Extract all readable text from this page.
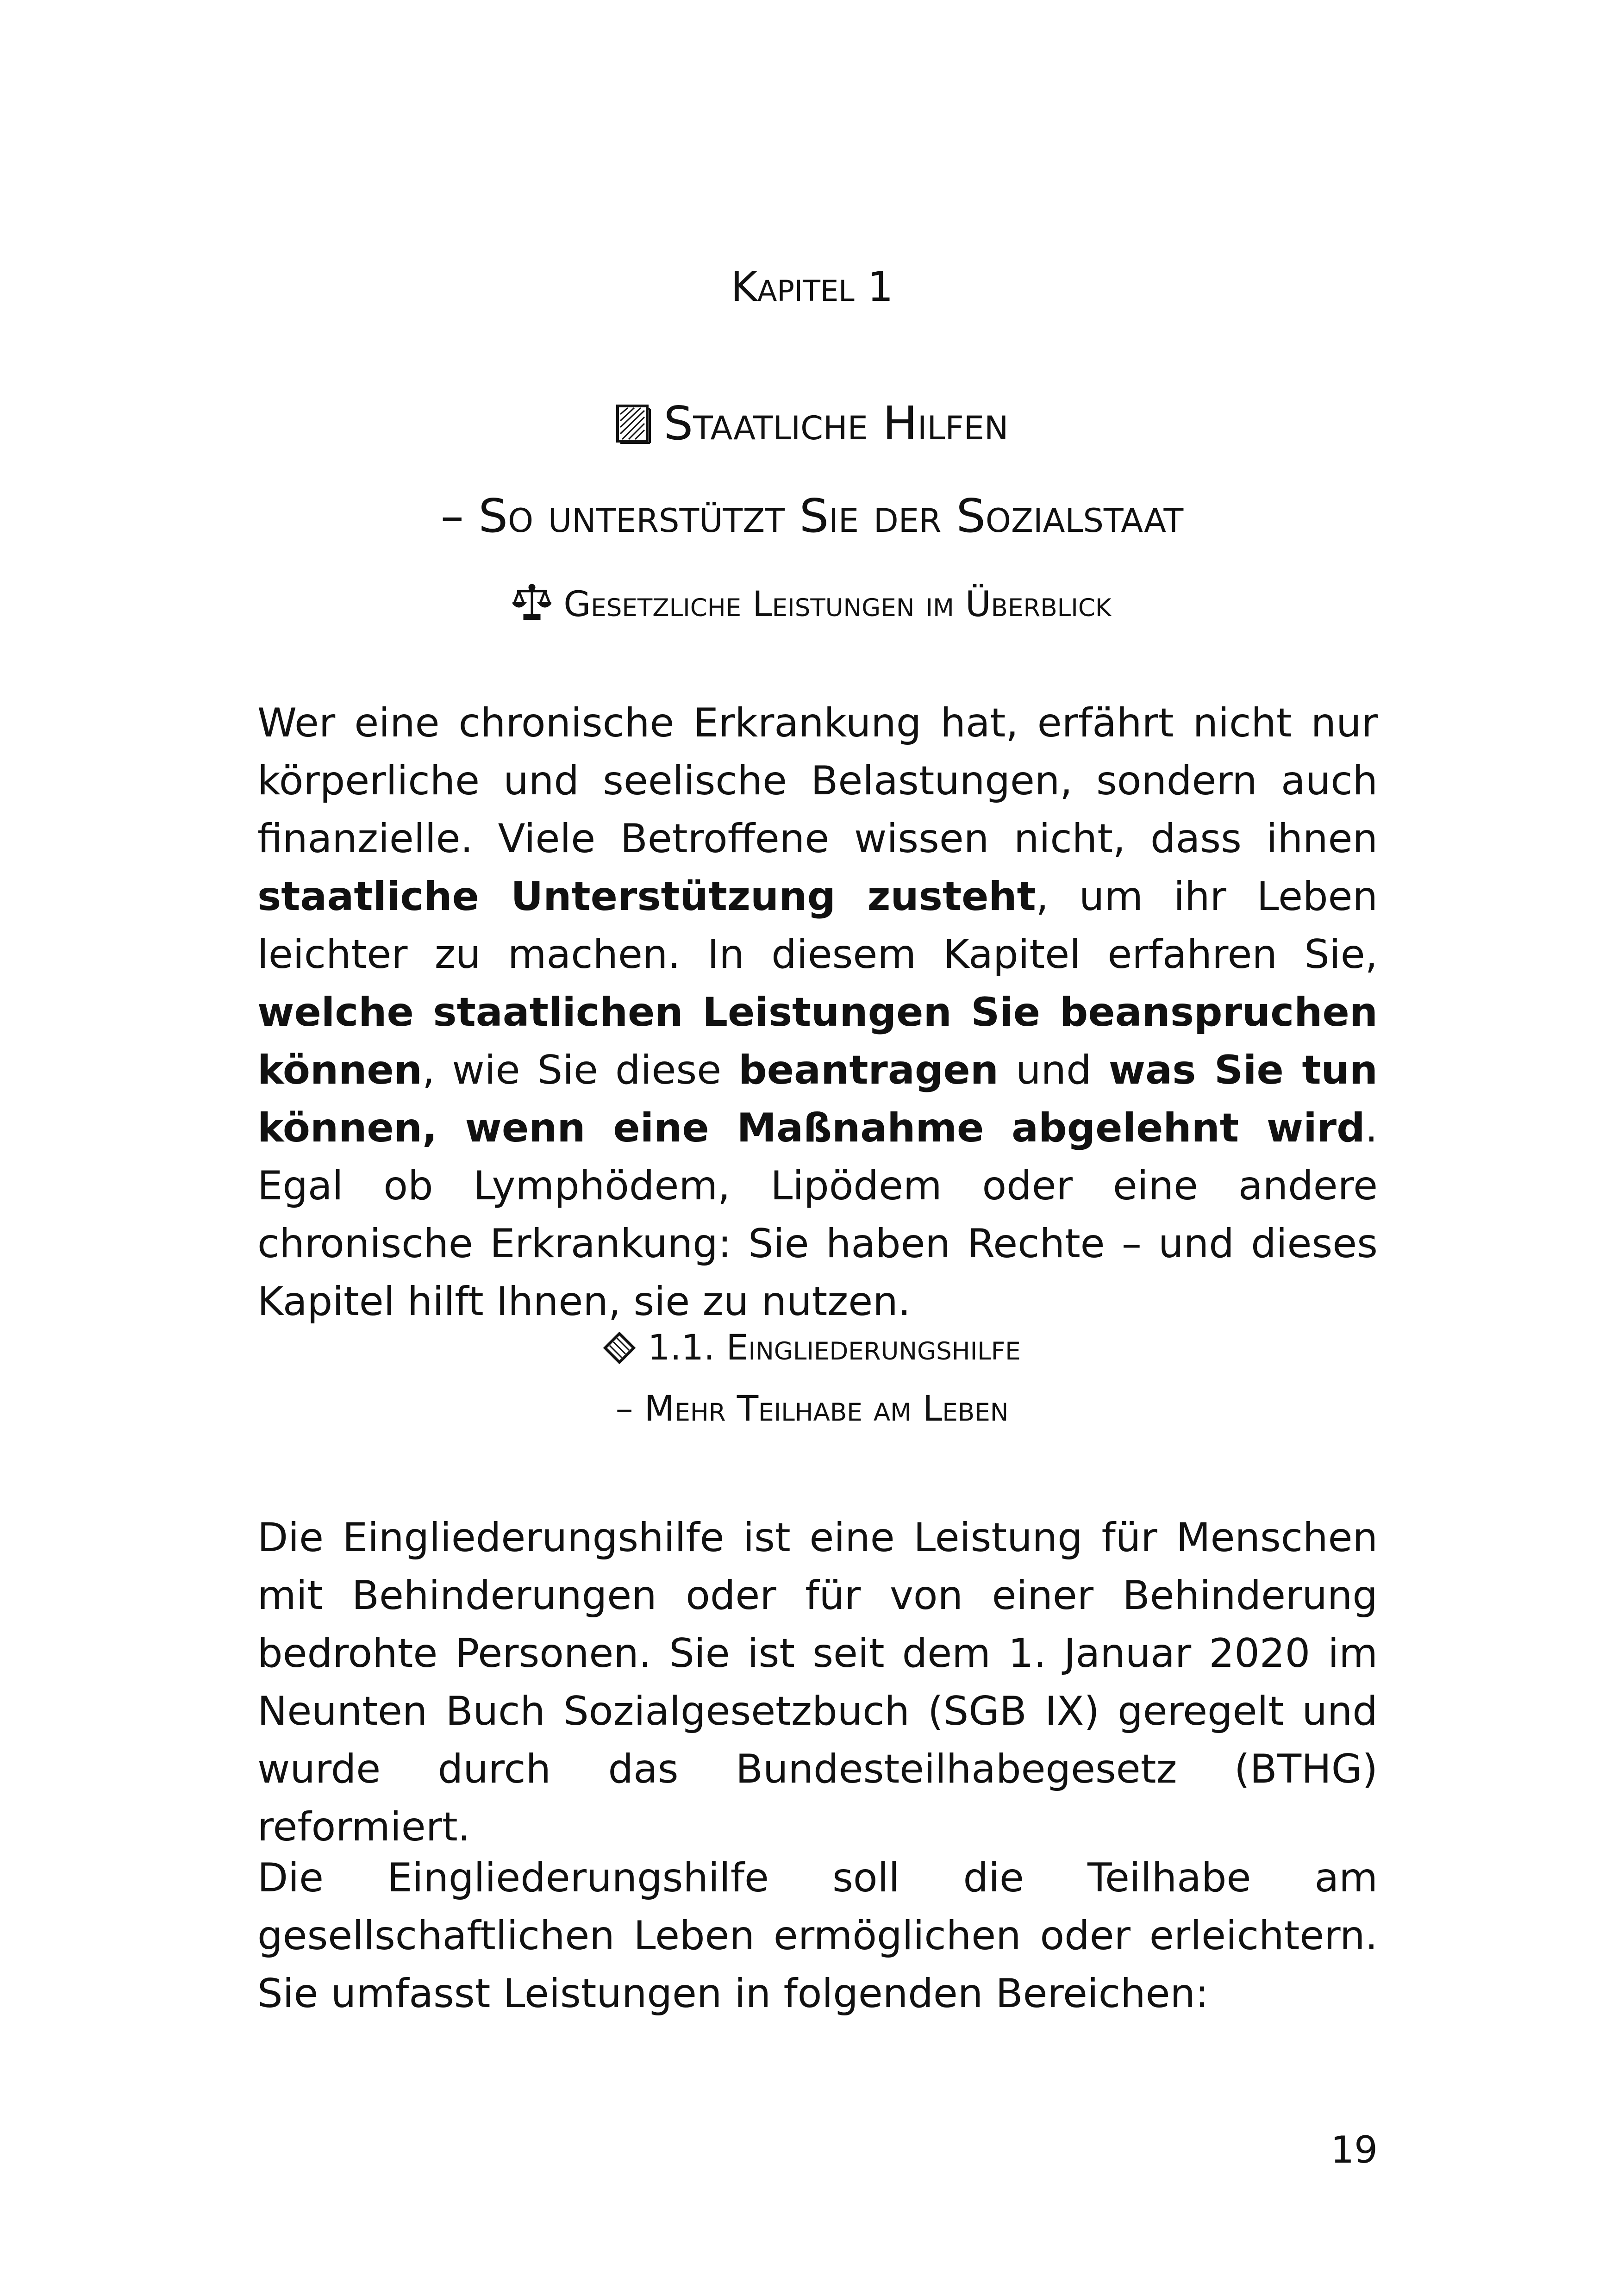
Kapitel 1
Staatliche Hilfen
– So unterstützt Sie der Sozialstaat
Gesetzliche Leistungen im Überblick
Wer eine chronische Erkrankung hat, erfährt nicht nur körperliche und seelische Belastungen, sondern auch finanzielle. Viele Betroffene wissen nicht, dass ihnen staatliche Unterstützung zusteht, um ihr Leben leichter zu machen. In diesem Kapitel erfahren Sie, welche staatlichen Leistungen Sie beanspruchen können, wie Sie diese beantragen und was Sie tun können, wenn eine Maßnahme abgelehnt wird. Egal ob Lymphödem, Lipödem oder eine andere chronische Erkrankung: Sie haben Rechte – und dieses Kapitel hilft Ihnen, sie zu nutzen.
1.1. Eingliederungshilfe
– Mehr Teilhabe am Leben
Die Eingliederungshilfe ist eine Leistung für Menschen mit Behinderungen oder für von einer Behinderung bedrohte Personen. Sie ist seit dem 1. Januar 2020 im Neunten Buch Sozialgesetzbuch (SGB IX) geregelt und wurde durch das Bundesteilhabegesetz (BTHG) reformiert.
Die Eingliederungshilfe soll die Teilhabe am gesellschaftlichen Leben ermöglichen oder erleichtern. Sie umfasst Leistungen in folgenden Bereichen:
19
